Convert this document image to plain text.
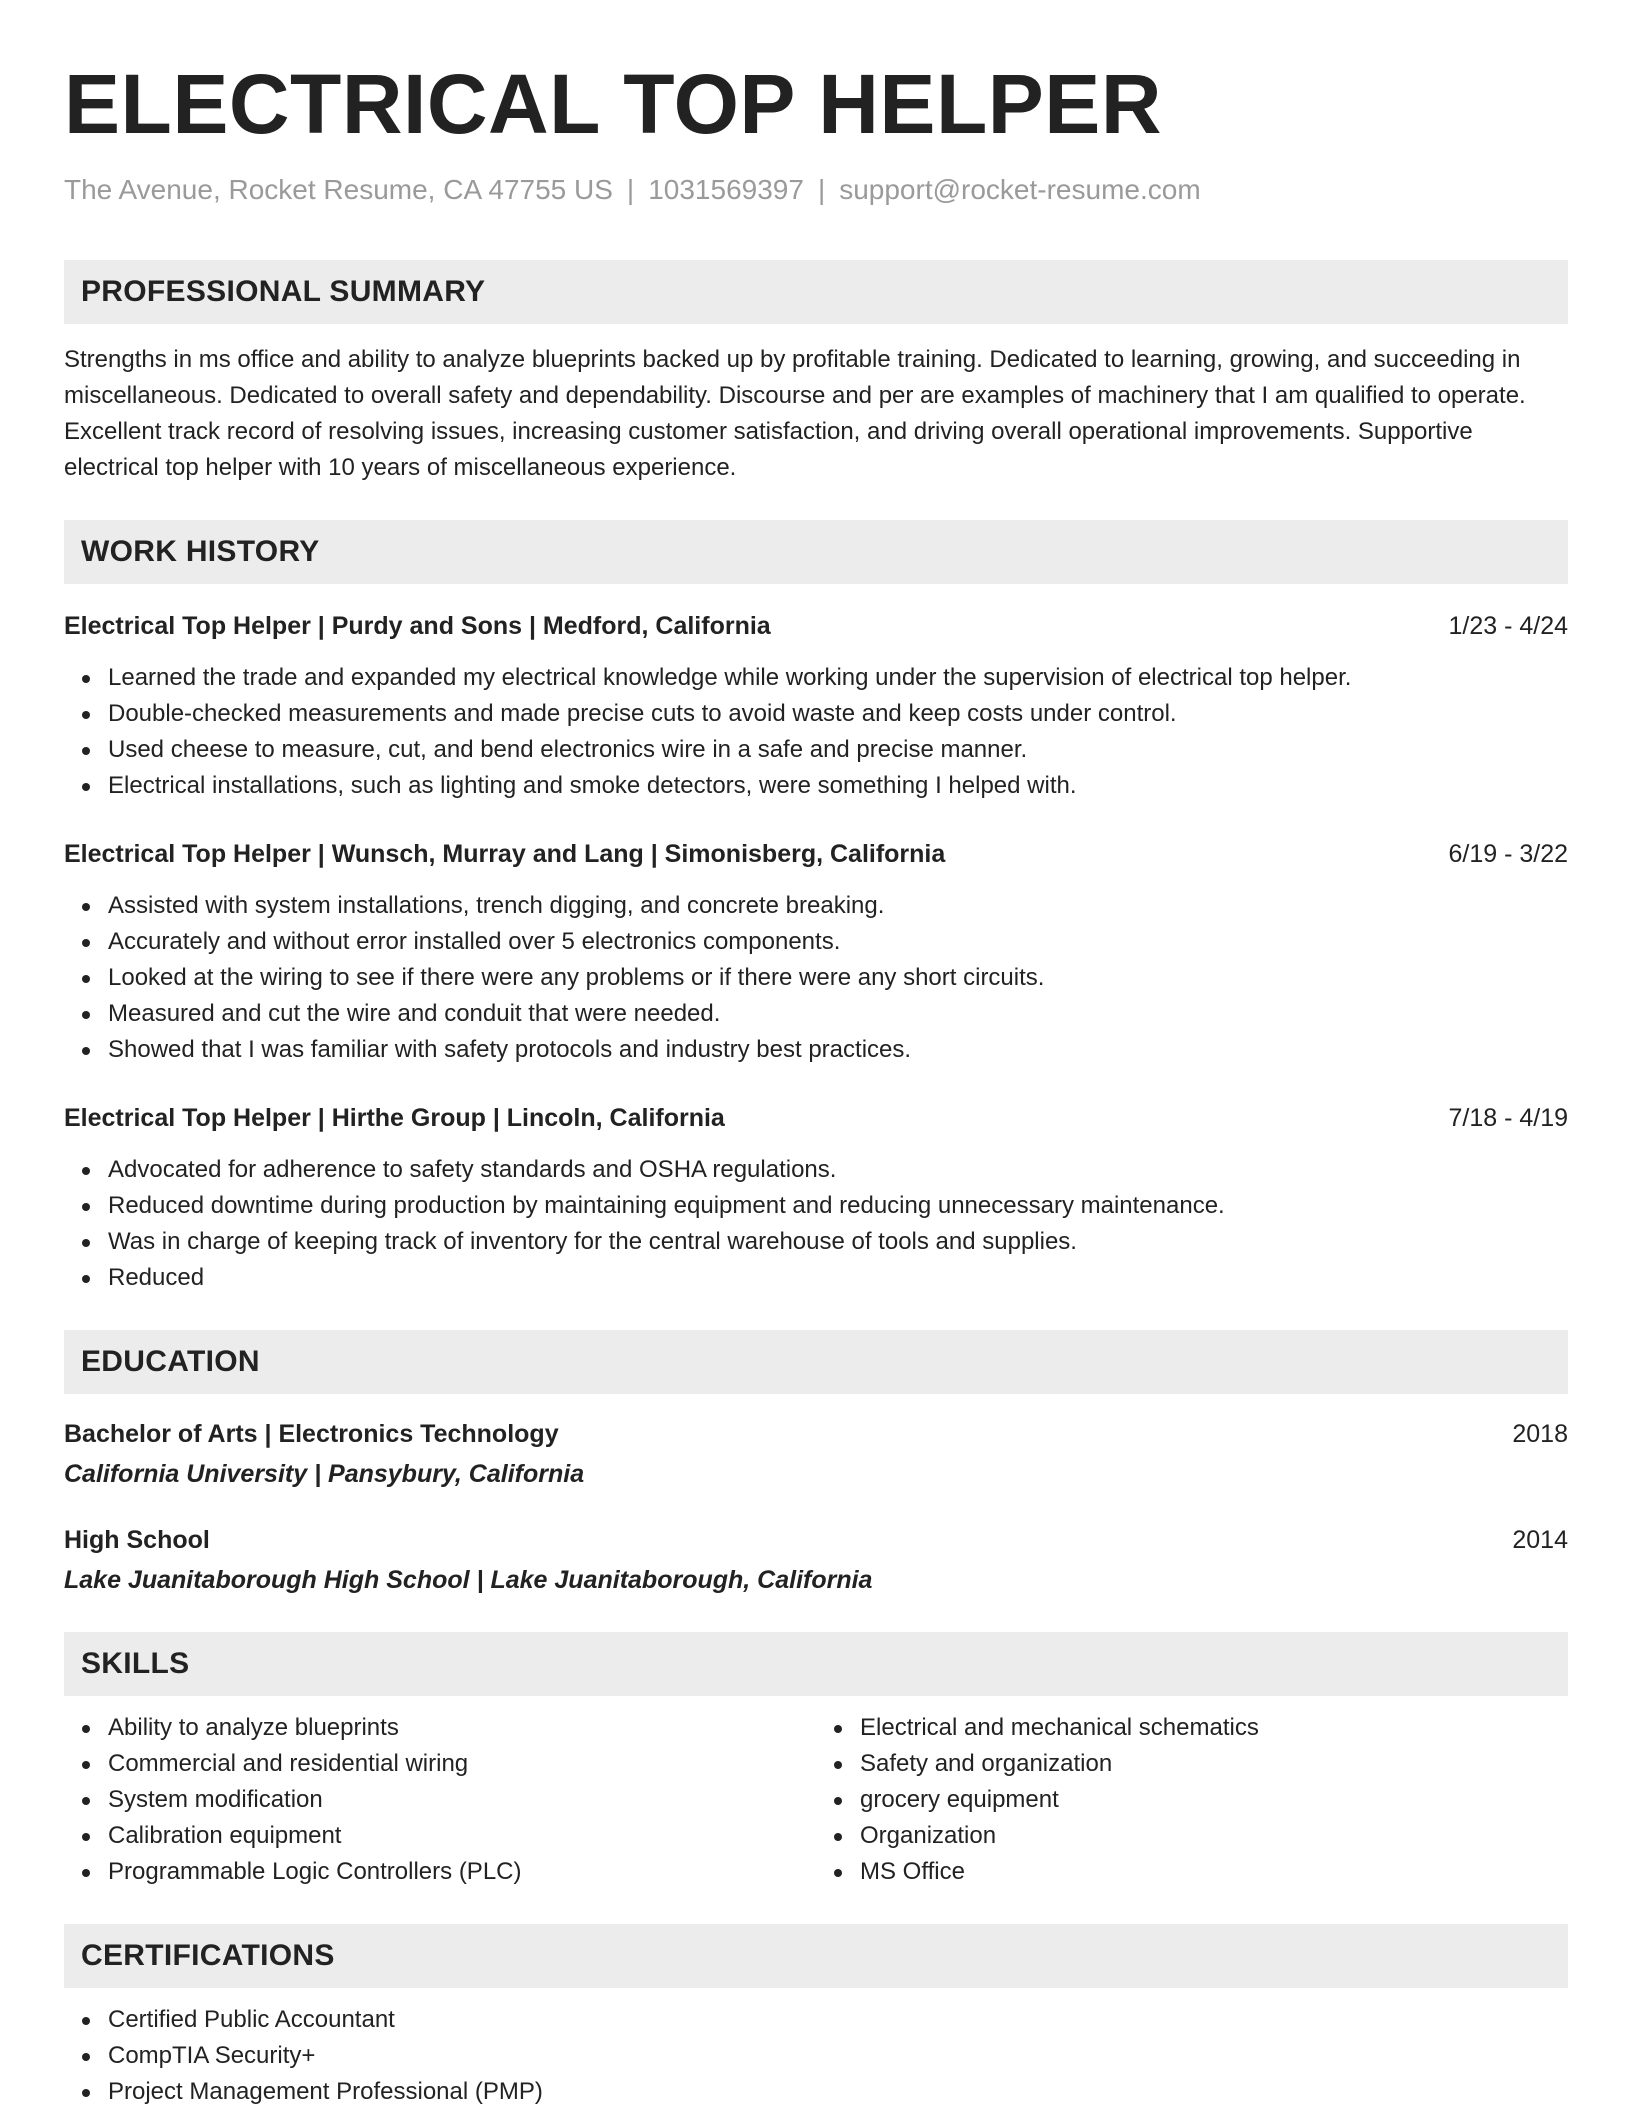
ELECTRICAL TOP HELPER
The Avenue, Rocket Resume, CA 47755 US | 1031569397 | support@rocket-resume.com
PROFESSIONAL SUMMARY

Strengths in ms office and ability to analyze blueprints backed up by profitable training. Dedicated to learning, growing, and succeeding in miscellaneous. Dedicated to overall safety and dependability. Discourse and per are examples of machinery that I am qualified to operate. Excellent track record of resolving issues, increasing customer satisfaction, and driving overall operational improvements. Supportive electrical top helper with 10 years of miscellaneous experience.

WORK HISTORY
Electrical Top Helper | Purdy and Sons | Medford, California	1/23 - 4/24
Learned the trade and expanded my electrical knowledge while working under the supervision of electrical top helper.
Double-checked measurements and made precise cuts to avoid waste and keep costs under control.
Used cheese to measure, cut, and bend electronics wire in a safe and precise manner.
Electrical installations, such as lighting and smoke detectors, were something I helped with.
Electrical Top Helper | Wunsch, Murray and Lang | Simonisberg, California	6/19 - 3/22
Assisted with system installations, trench digging, and concrete breaking.
Accurately and without error installed over 5 electronics components.
Looked at the wiring to see if there were any problems or if there were any short circuits.
Measured and cut the wire and conduit that were needed.
Showed that I was familiar with safety protocols and industry best practices.
Electrical Top Helper | Hirthe Group | Lincoln, California	7/18 - 4/19
Advocated for adherence to safety standards and OSHA regulations.
Reduced downtime during production by maintaining equipment and reducing unnecessary maintenance.
Was in charge of keeping track of inventory for the central warehouse of tools and supplies.
Reduced
EDUCATION
Bachelor of Arts | Electronics Technology	2018
California University | Pansybury, California
High School	2014
Lake Juanitaborough High School | Lake Juanitaborough, California
SKILLS
Ability to analyze blueprints
Commercial and residential wiring
System modification
Calibration equipment
Programmable Logic Controllers (PLC)
Electrical and mechanical schematics
Safety and organization
grocery equipment
Organization
MS Office
CERTIFICATIONS
Certified Public Accountant
CompTIA Security+
Project Management Professional (PMP)
